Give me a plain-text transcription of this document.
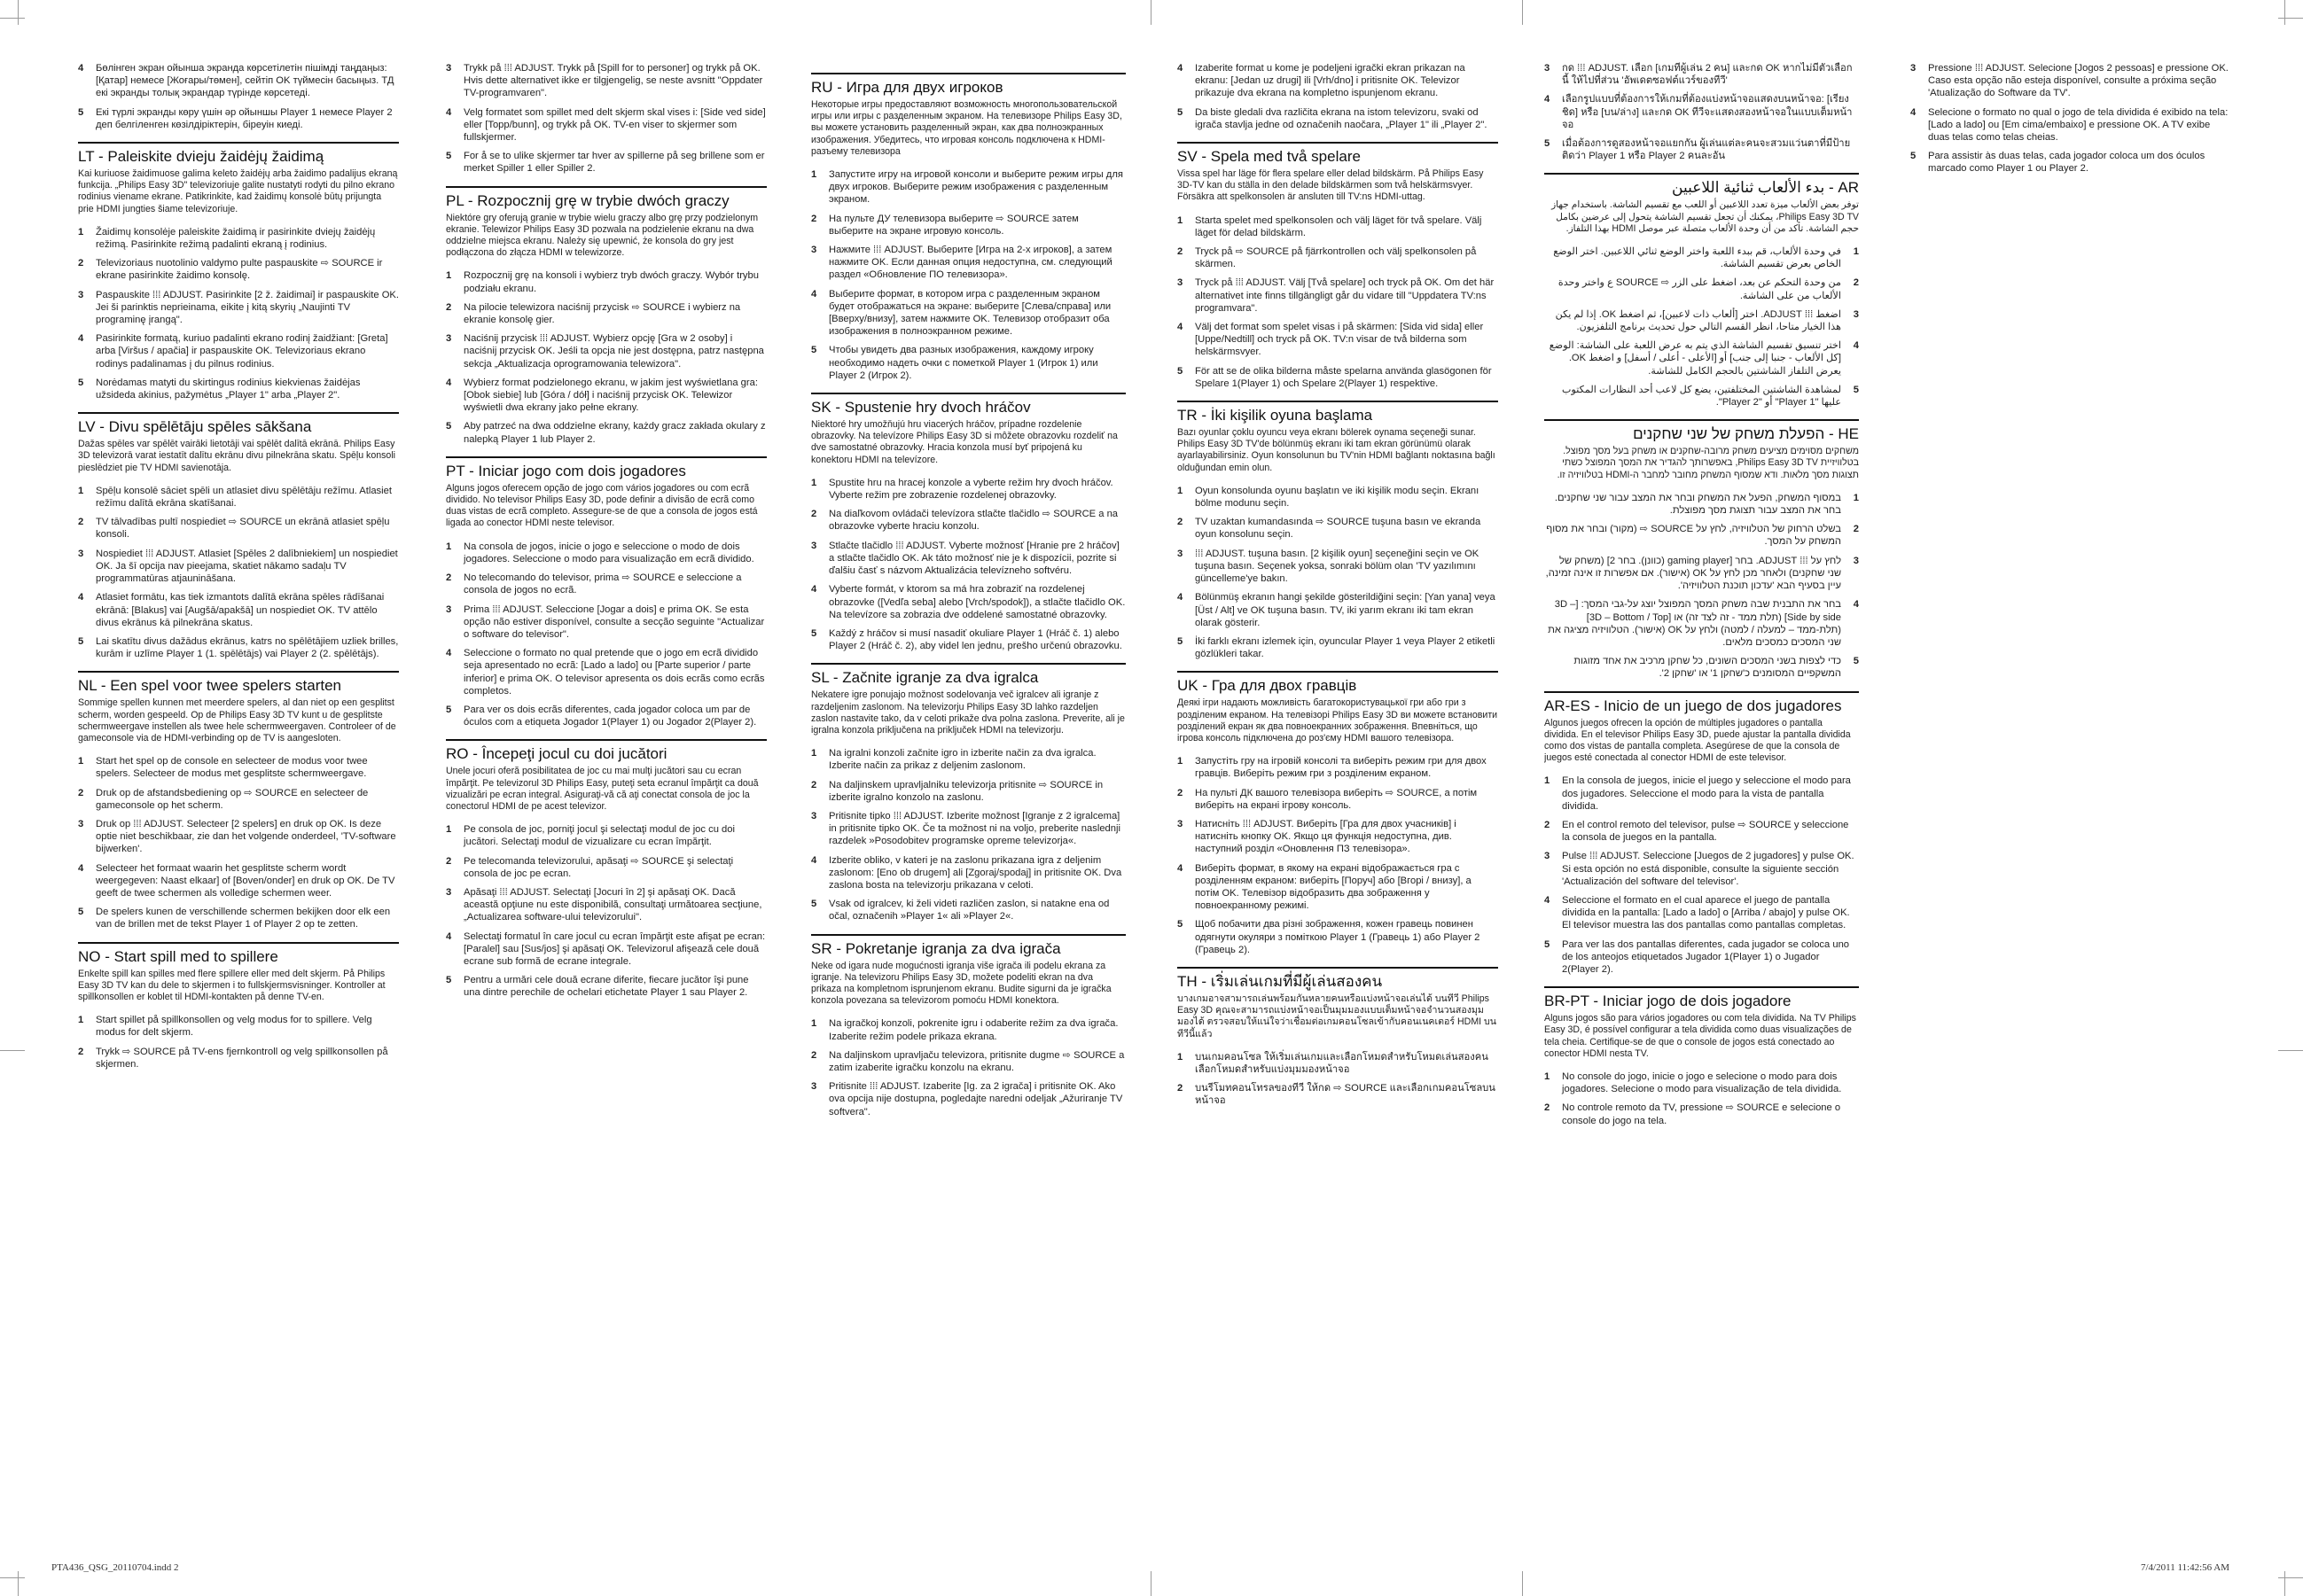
4	Бөлінген экран ойынша экранда көрсетілетін пішімді таңдаңыз: [Қатар] немесе [Жоғары/төмен], сейтіп OK түймесін басыңыз. ТД екі экранды толық экрандар түрінде көрсетеді.
5	Екі түрлі экранды көру үшін әр ойыншы Player 1 немесе Player 2 деп белгіленген көзілдіріктерін, біреуін киеді.
LT - Paleiskite dvieju žaidėjų žaidimą
Kai kuriuose žaidimuose galima keleto žaidėjų arba žaidimo padalijus ekraną funkcija. „Philips Easy 3D" televizoriuje galite nustatyti rodyti du pilno ekrano rodinius viename ekrane. Patikrinkite, kad žaidimų konsolė būtų prijungta prie HDMI jungties šiame televizoriuje.
1	Žaidimų konsolėje paleiskite žaidimą ir pasirinkite dviejų žaidėjų režimą. Pasirinkite režimą padalinti ekraną į rodinius.
2	Televizoriaus nuotolinio valdymo pulte paspauskite ⇨ SOURCE ir ekrane pasirinkite žaidimo konsolę.
3	Paspauskite ⁞⁞⁞ ADJUST. Pasirinkite [2 ž. žaidimai] ir paspauskite OK. Jei ši parinktis neprieinama, eikite į kitą skyrių „Naujinti TV programinę įrangą".
4	Pasirinkite formatą, kuriuo padalinti ekrano rodinį žaidžiant: [Greta] arba [Viršus / apačia] ir paspauskite OK. Televizoriaus ekrano rodinys padalinamas į du pilnus rodinius.
5	Norėdamas matyti du skirtingus rodinius kiekvienas žaidėjas užsideda akinius, pažymėtus „Player 1" arba „Player 2".
LV - Divu spēlētāju spēles sākšana
Dažas spēles var spēlēt vairāki lietotāji vai spēlēt dalītā ekrānā. Philips Easy 3D televizorā varat iestatīt dalītu ekrānu divu pilnekrāna skatu. Spēļu konsoli pieslēdziet pie TV HDMI savienotāja.
1	Spēļu konsolē sāciet spēli un atlasiet divu spēlētāju režīmu. Atlasiet režīmu dalītā ekrāna skatīšanai.
2	TV tālvadības pultī nospiediet ⇨ SOURCE un ekrānā atlasiet spēļu konsoli.
3	Nospiediet ⁞⁞⁞ ADJUST. Atlasiet [Spēles 2 dalībniekiem] un nospiediet OK. Ja šī opcija nav pieejama, skatiet nākamo sadaļu TV programmatūras atjaunināšana.
4	Atlasiet formātu, kas tiek izmantots dalītā ekrāna spēles rādīšanai ekrānā: [Blakus] vai [Augšā/apakšā] un nospiediet OK. TV attēlo divus ekrānus kā pilnekrāna skatus.
5	Lai skatītu divus dažādus ekrānus, katrs no spēlētājiem uzliek brilles, kurām ir uzlīme Player 1 (1. spēlētājs) vai Player 2 (2. spēlētājs).
NL - Een spel voor twee spelers starten
Sommige spellen kunnen met meerdere spelers, al dan niet op een gesplitst scherm, worden gespeeld. Op de Philips Easy 3D TV kunt u de gesplitste schermweergave instellen als twee hele schermweergaven. Controleer of de gameconsole via de HDMI-verbinding op de TV is aangesloten.
1	Start het spel op de console en selecteer de modus voor twee spelers. Selecteer de modus met gesplitste schermweergave.
2	Druk op de afstandsbediening op ⇨ SOURCE en selecteer de gameconsole op het scherm.
3	Druk op ⁞⁞⁞ ADJUST. Selecteer [2 spelers] en druk op OK. Is deze optie niet beschikbaar, zie dan het volgende onderdeel, 'TV-software bijwerken'.
4	Selecteer het formaat waarin het gesplitste scherm wordt weergegeven: Naast elkaar] of [Boven/onder] en druk op OK. De TV geeft de twee schermen als volledige schermen weer.
5	De spelers kunen de verschillende schermen bekijken door elk een van de brillen met de tekst Player 1 of Player 2 op te zetten.
NO - Start spill med to spillere
Enkelte spill kan spilles med flere spillere eller med delt skjerm. På Philips Easy 3D TV kan du dele to skjermen i to fullskjermsvisninger. Kontroller at spillkonsollen er koblet til HDMI-kontakten på denne TV-en.
1	Start spillet på spillkonsollen og velg modus for to spillere. Velg modus for delt skjerm.
2	Trykk ⇨ SOURCE på TV-ens fjernkontroll og velg spillkonsollen på skjermen.
3	Trykk på ⁞⁞⁞ ADJUST. Trykk på [Spill for to personer] og trykk på OK. Hvis dette alternativet ikke er tilgjengelig, se neste avsnitt "Oppdater TV-programvaren".
4	Velg formatet som spillet med delt skjerm skal vises i: [Side ved side] eller [Topp/bunn], og trykk på OK. TV-en viser to skjermer som fullskjermer.
5	For å se to ulike skjermer tar hver av spillerne på seg brillene som er merket Spiller 1 eller Spiller 2.
PL - Rozpocznij grę w trybie dwóch graczy
Niektóre gry oferują granie w trybie wielu graczy albo grę przy podzielonym ekranie. Telewizor Philips Easy 3D pozwala na podzielenie ekranu na dwa oddzielne miejsca ekranu. Należy się upewnić, że konsola do gry jest podłączona do złącza HDMI w telewizorze.
1	Rozpocznij grę na konsoli i wybierz tryb dwóch graczy. Wybór trybu podziału ekranu.
2	Na pilocie telewizora naciśnij przycisk ⇨ SOURCE i wybierz na ekranie konsolę gier.
3	Naciśnij przycisk ⁞⁞⁞ ADJUST. Wybierz opcję [Gra w 2 osoby] i naciśnij przycisk OK. Jeśli ta opcja nie jest dostępna, patrz następna sekcja „Aktualizacja oprogramowania telewizora".
4	Wybierz format podzielonego ekranu, w jakim jest wyświetlana gra: [Obok siebie] lub [Góra / dół] i naciśnij przycisk OK. Telewizor wyświetli dwa ekrany jako pełne ekrany.
5	Aby patrzeć na dwa oddzielne ekrany, każdy gracz zakłada okulary z nalepką Player 1 lub Player 2.
PT - Iniciar jogo com dois jogadores
Alguns jogos oferecem opção de jogo com vários jogadores ou com ecrã dividido. No televisor Philips Easy 3D, pode definir a divisão de ecrã como duas vistas de ecrã completo. Assegure-se de que a consola de jogos está ligada ao conector HDMI neste televisor.
1	Na consola de jogos, inicie o jogo e seleccione o modo de dois jogadores. Seleccione o modo para visualização em ecrã dividido.
2	No telecomando do televisor, prima ⇨ SOURCE e seleccione a consola de jogos no ecrã.
3	Prima ⁞⁞⁞ ADJUST. Seleccione [Jogar a dois] e prima OK. Se esta opção não estiver disponível, consulte a secção seguinte "Actualizar o software do televisor".
4	Seleccione o formato no qual pretende que o jogo em ecrã dividido seja apresentado no ecrã: [Lado a lado] ou [Parte superior / parte inferior] e prima OK. O televisor apresenta os dois ecrãs como ecrãs completos.
5	Para ver os dois ecrãs diferentes, cada jogador coloca um par de óculos com a etiqueta Jogador 1(Player 1) ou Jogador 2(Player 2).
RO - Începeţi jocul cu doi jucători
Unele jocuri oferă posibilitatea de joc cu mai mulţi jucători sau cu ecran împărţit. Pe televizorul 3D Philips Easy, puteţi seta ecranul împărţit ca două vizualizări pe ecran integral. Asiguraţi-vă că aţi conectat consola de joc la conectorul HDMI de pe acest televizor.
1	Pe consola de joc, porniţi jocul şi selectaţi modul de joc cu doi jucători. Selectaţi modul de vizualizare cu ecran împărţit.
2	Pe telecomanda televizorului, apăsaţi ⇨ SOURCE şi selectaţi consola de joc pe ecran.
3	Apăsaţi ⁞⁞⁞ ADJUST. Selectaţi [Jocuri în 2] şi apăsaţi OK. Dacă această opţiune nu este disponibilă, consultaţi următoarea secţiune, „Actualizarea software-ului televizorului".
4	Selectaţi formatul în care jocul cu ecran împărţit este afişat pe ecran: [Paralel] sau [Sus/jos] şi apăsaţi OK. Televizorul afişează cele două ecrane sub formă de ecrane integrale.
5	Pentru a urmări cele două ecrane diferite, fiecare jucător îşi pune una dintre perechile de ochelari etichetate Player 1 sau Player 2.
RU - Игра для двух игроков
Некоторые игры предоставляют возможность многопользовательской игры или игры с разделенным экраном. На телевизоре Philips Easy 3D, вы можете установить разделенный экран, как два полноэкранных изображения. Убедитесь, что игровая консоль подключена к HDMI-разъему телевизора
1	Запустите игру на игровой консоли и выберите режим игры для двух игроков. Выберите режим изображения с разделенным экраном.
2	На пульте ДУ телевизора выберите ⇨ SOURCE затем выберите на экране игровую консоль.
3	Нажмите ⁞⁞⁞ ADJUST. Выберите [Игра на 2-х игроков], а затем нажмите OK. Если данная опция недоступна, см. следующий раздел «Обновление ПО телевизора».
4	Выберите формат, в котором игра с разделенным экраном будет отображаться на экране: выберите [Слева/справа] или [Вверху/внизу], затем нажмите OK. Телевизор отобразит оба изображения в полноэкранном режиме.
5	Чтобы увидеть два разных изображения, каждому игроку необходимо надеть очки с пометкой Player 1 (Игрок 1) или Player 2 (Игрок 2).
SK - Spustenie hry dvoch hráčov
Niektoré hry umožňujú hru viacerých hráčov, prípadne rozdelenie obrazovky. Na televízore Philips Easy 3D si môžete obrazovku rozdeliť na dve samostatné obrazovky. Hracia konzola musí byť pripojená ku konektoru HDMI na televízore.
1	Spustite hru na hracej konzole a vyberte režim hry dvoch hráčov. Vyberte režim pre zobrazenie rozdelenej obrazovky.
2	Na diaľkovom ovládači televízora stlačte tlačidlo ⇨ SOURCE a na obrazovke vyberte hraciu konzolu.
3	Stlačte tlačidlo ⁞⁞⁞ ADJUST. Vyberte možnosť [Hranie pre 2 hráčov] a stlačte tlačidlo OK. Ak táto možnosť nie je k dispozícii, pozrite si ďalšiu časť s názvom Aktualizácia televízneho softvéru.
4	Vyberte formát, v ktorom sa má hra zobraziť na rozdelenej obrazovke ([Vedľa seba] alebo [Vrch/spodok]), a stlačte tlačidlo OK. Na televízore sa zobrazia dve oddelené samostatné obrazovky.
5	Každý z hráčov si musí nasadiť okuliare Player 1 (Hráč č. 1) alebo Player 2 (Hráč č. 2), aby videl len jednu, prešho určenú obrazovku.
SL - Začnite igranje za dva igralca
Nekatere igre ponujajo možnost sodelovanja več igralcev ali igranje z razdeljenim zaslonom. Na televizorju Philips Easy 3D lahko razdeljen zaslon nastavite tako, da v celoti prikaže dva polna zaslona. Preverite, ali je igralna konzola priključena na priključek HDMI na televizorju.
1	Na igralni konzoli začnite igro in izberite način za dva igralca. Izberite način za prikaz z deljenim zaslonom.
2	Na daljinskem upravljalniku televizorja pritisnite ⇨ SOURCE in izberite igralno konzolo na zaslonu.
3	Pritisnite tipko ⁞⁞⁞ ADJUST. Izberite možnost [Igranje z 2 igralcema] in pritisnite tipko OK. Če ta možnost ni na voljo, preberite naslednji razdelek »Posodobitev programske opreme televizorja«.
4	Izberite obliko, v kateri je na zaslonu prikazana igra z deljenim zaslonom: [Eno ob drugem] ali [Zgoraj/spodaj] in pritisnite OK. Dva zaslona bosta na televizorju prikazana v celoti.
5	Vsak od igralcev, ki želi videti različen zaslon, si natakne ena od očal, označenih »Player 1« ali »Player 2«.
SR - Pokretanje igranja za dva igrača
Neke od igara nude mogućnosti igranja više igrača ili podelu ekrana za igranje. Na televizoru Philips Easy 3D, možete podeliti ekran na dva prikaza na kompletnom isprunjenom ekranu. Budite sigurni da je igračka konzola povezana sa televizorom pomoću HDMI konektora.
1	Na igračkoj konzoli, pokrenite igru i odaberite režim za dva igrača. Izaberite režim podele prikaza ekrana.
2	Na daljinskom upravljaču televizora, pritisnite dugme ⇨ SOURCE a zatim izaberite igračku konzolu na ekranu.
3	Pritisnite ⁞⁞⁞ ADJUST. Izaberite [Ig. za 2 igrača] i pritisnite OK. Ako ova opcija nije dostupna, pogledajte naredni odeljak „Ažuriranje TV softvera".
4	Izaberite format u kome je podeljeni igrački ekran prikazan na ekranu: [Jedan uz drugi] ili [Vrh/dno] i pritisnite OK. Televizor prikazuje dva ekrana na kompletno ispunjenom ekranu.
5	Da biste gledali dva različita ekrana na istom televizoru, svaki od igrača stavlja jedne od označenih naočara, „Player 1" ili „Player 2".
SV - Spela med två spelare
Vissa spel har läge för flera spelare eller delad bildskärm. På Philips Easy 3D-TV kan du ställa in den delade bildskärmen som två helskärmsvyer. Försäkra att spelkonsolen är ansluten till TV:ns HDMI-uttag.
1	Starta spelet med spelkonsolen och välj läget för två spelare. Välj läget för delad bildskärm.
2	Tryck på ⇨ SOURCE på fjärrkontrollen och välj spelkonsolen på skärmen.
3	Tryck på ⁞⁞⁞ ADJUST. Välj [Två spelare] och tryck på OK. Om det här alternativet inte finns tillgängligt går du vidare till "Uppdatera TV:ns programvara".
4	Välj det format som spelet visas i på skärmen: [Sida vid sida] eller [Uppe/Nedtill] och tryck på OK. TV:n visar de två bilderna som helskärmsvyer.
5	För att se de olika bilderna måste spelarna använda glasögonen för Spelare 1(Player 1) och Spelare 2(Player 1) respektive.
TR - İki kişilik oyuna başlama
Bazı oyunlar çoklu oyuncu veya ekranı bölerek oynama seçeneği sunar. Philips Easy 3D TV'de bölünmüş ekranı iki tam ekran görünümü olarak ayarlayabilirsiniz. Oyun konsolunun bu TV'nin HDMI bağlantı noktasına bağlı olduğundan emin olun.
1	Oyun konsolunda oyunu başlatın ve iki kişilik modu seçin. Ekranı bölme modunu seçin.
2	TV uzaktan kumandasında ⇨ SOURCE tuşuna basın ve ekranda oyun konsolunu seçin.
3	⁞⁞⁞ ADJUST. tuşuna basın. [2 kişilik oyun] seçeneğini seçin ve OK tuşuna basın. Seçenek yoksa, sonraki bölüm olan 'TV yazılımını güncelleme'ye bakın.
4	Bölünmüş ekranın hangi şekilde gösterildiğini seçin: [Yan yana] veya [Üst / Alt] ve OK tuşuna basın. TV, iki yarım ekranı iki tam ekran olarak gösterir.
5	İki farklı ekranı izlemek için, oyuncular Player 1 veya Player 2 etiketli gözlükleri takar.
UK - Гра для двох гравців
Деякі ігри надають можливість багатокористувацької гри або гри з розділеним екраном. На телевізорі Philips Easy 3D ви можете встановити розділений екран як два повноекранних зображення. Впевніться, що ігрова консоль підключена до роз'єму HDMI вашого телевізора.
1	Запустіть гру на ігровій консолі та виберіть режим гри для двох гравців. Виберіть режим гри з розділеним екраном.
2	На пульті ДК вашого телевізора виберіть ⇨ SOURCE, а потім виберіть на екрані ігрову консоль.
3	Натисніть ⁞⁞⁞ ADJUST. Виберіть [Гра для двох учасників] і натисніть кнопку OK. Якщо ця функція недоступна, див. наступний розділ «Оновлення ПЗ телевізора».
4	Виберіть формат, в якому на екрані відображається гра с розділенням екраном: виберіть [Поруч] або [Вгорі / внизу], а потім OK. Телевізор відобразить два зображення у повноекранному режимі.
5	Щоб побачити два різні зображення, кожен гравець повинен одягнути окуляри з поміткою Player 1 (Гравець 1) або Player 2 (Гравець 2).
TH - เริ่มเล่นเกมที่มีผู้เล่นสองคน
บางเกมอาจสามารถเล่นพร้อมกันหลายคนหรือแบ่งหน้าจอเล่นได้ บนทีวี Philips Easy 3D คุณจะสามารถแบ่งหน้าจอเป็นมุมมองแบบเต็มหน้าจอจำนวนสองมุมมองได้ ตรวจสอบให้แน่ใจว่าเชื่อมต่อเกมคอนโซลเข้ากับคอนเนคเตอร์ HDMI บนทีวีนี้แล้ว
1	บนเกมคอนโซล ให้เริ่มเล่นเกมและเลือกโหมดสำหรับโหมดเล่นสองคน เลือกโหมดสำหรับแบ่งมุมมองหน้าจอ
2	บนรีโมทคอนโทรลของทีวี ให้กด ⇨ SOURCE และเลือกเกมคอนโซลบนหน้าจอ
3	กด ⁞⁞⁞ ADJUST. เลือก [เกมที่ผู้เล่น 2 คน] และกด OK หากไม่มีตัวเลือกนี้ ให้ไปที่ส่วน 'อัพเดตซอฟต์แวร์ของทีวี'
4	เลือกรูปแบบที่ต้องการให้เกมที่ต้องแบ่งหน้าจอแสดงบนหน้าจอ: [เรียงชิด] หรือ [บน/ล่าง] และกด OK ทีวีจะแสดงสองหน้าจอในแบบเต็มหน้าจอ
5	เมื่อต้องการดูสองหน้าจอแยกกัน ผู้เล่นแต่ละคนจะสวมแว่นตาที่มีป้ายติดว่า Player 1 หรือ Player 2 คนละอัน
AR - بدء الألعاب ثنائية اللاعبين
توفر بعض الألعاب ميزة تعدد اللاعبين أو اللعب مع تقسيم الشاشة. باستخدام جهاز Philips Easy 3D TV، يمكنك أن تجعل تقسيم الشاشة يتحول إلى عرضين بكامل حجم الشاشة. تأكد من أن وحدة الألعاب متصلة عبر موصل HDMI بهذا التلفاز.
1
في وحدة الألعاب، قم ببدء اللعبة واختر الوضع ثنائي اللاعبين. اختر الوضع الخاص بعرض تقسيم الشاشة.
2
من وحدة التحكم عن بعد، اضغط على الزر ⇨ SOURCE ع واختر وحدة الألعاب من على الشاشة.
3
اضغط ⁞⁞⁞ ADJUST. اختر [ألعاب ذات لاعبين]، ثم اضغط OK. إذا لم يكن هذا الخيار متاحا، انظر القسم التالي حول تحديث برنامج التلفزيون.
4
اختر تنسيق تقسيم الشاشة الذي يتم به عرض اللعبة على الشاشة: الوضع [كل الألعاب - جنبا إلى جنب] أو [الأعلى - أعلى / أسفل] و اضغط OK. يعرض التلفاز الشاشتين بالحجم الكامل للشاشة.
5
لمشاهدة الشاشتين المختلفتين، يضع كل لاعب أحد النظارات المكتوب عليها "Player 1" أو "Player 2".
HE - הפעלת משחק של שני שחקנים
משחקים מסוימים מציעים משחק מרובה-שחקנים או משחק בעל מסך מפוצל. בטלוויזיית Philips Easy 3D TV, באפשרותך להגדיר את המסך המפוצל כשתי תצוגות מסך מלאות. ודא שמסוף המשחק מחובר למחבר ה-HDMI בטלוויזיה זו.
1
במסוף המשחק, הפעל את המשחק ובחר את המצב עבור שני שחקנים. בחר את המצב עבור תצוגת מסך מפוצלת.
2
בשלט הרחוק של הטלוויזיה, לחץ על SOURCE ⇨ (מקור) ובחר את מסוף המשחק על המסך.
3
לחץ על ⁞⁞⁞ ADJUST. בחר [gaming player (כוונן). בחר 2] (משחק של שני שחקנים) ולאחר מכן לחץ על OK (אישור). אם אפשרות זו אינה זמינה, עיין בסעיף הבא 'עדכון תוכנת הטלוויזיה'.
4
בחר את התבנית שבה משחק המסך המפוצל יוצג על-גבי המסך: [3D – Side by side] (תלת ממד - זה לצד זה) או [3D – Bottom / Top] (תלת-ממד – למעלה / למטה) ולחץ על OK (אישור). הטלוויזיה מציגה את שני המסכים כמסכים מלאים.
5
כדי לצפות בשני המסכים השונים, כל שחקן מרכיב את אחד מזוגות המשקפיים המסומנים כ'שחקן 1' או 'שחקן 2'.
AR-ES - Inicio de un juego de dos jugadores
Algunos juegos ofrecen la opción de múltiples jugadores o pantalla dividida. En el televisor Philips Easy 3D, puede ajustar la pantalla dividida como dos vistas de pantalla completa. Asegúrese de que la consola de juegos esté conectada al conector HDMI de este televisor.
1	En la consola de juegos, inicie el juego y seleccione el modo para dos jugadores. Seleccione el modo para la vista de pantalla dividida.
2	En el control remoto del televisor, pulse ⇨ SOURCE y seleccione la consola de juegos en la pantalla.
3	Pulse ⁞⁞⁞ ADJUST. Seleccione [Juegos de 2 jugadores] y pulse OK. Si esta opción no está disponible, consulte la siguiente sección 'Actualización del software del televisor'.
4	Seleccione el formato en el cual aparece el juego de pantalla dividida en la pantalla: [Lado a lado] o [Arriba / abajo] y pulse OK. El televisor muestra las dos pantallas como pantallas completas.
5	Para ver las dos pantallas diferentes, cada jugador se coloca uno de los anteojos etiquetados Jugador 1(Player 1) o Jugador 2(Player 2).
BR-PT - Iniciar jogo de dois jogadore
Alguns jogos são para vários jogadores ou com tela dividida. Na TV Philips Easy 3D, é possível configurar a tela dividida como duas visualizações de tela cheia. Certifique-se de que o console de jogos está conectado ao conector HDMI nesta TV.
1	No console do jogo, inicie o jogo e selecione o modo para dois jogadores. Selecione o modo para visualização de tela dividida.
2	No controle remoto da TV, pressione ⇨ SOURCE e selecione o console do jogo na tela.
3	Pressione ⁞⁞⁞ ADJUST. Selecione [Jogos 2 pessoas] e pressione OK. Caso esta opção não esteja disponível, consulte a próxima seção 'Atualização do Software da TV'.
4	Selecione o formato no qual o jogo de tela dividida é exibido na tela: [Lado a lado] ou [Em cima/embaixo] e pressione OK. A TV exibe duas telas como telas cheias.
5	Para assistir às duas telas, cada jogador coloca um dos óculos marcado como Player 1 ou Player 2.
PTA436_QSG_20110704.indd 2	7/4/2011 11:42:56 AM
